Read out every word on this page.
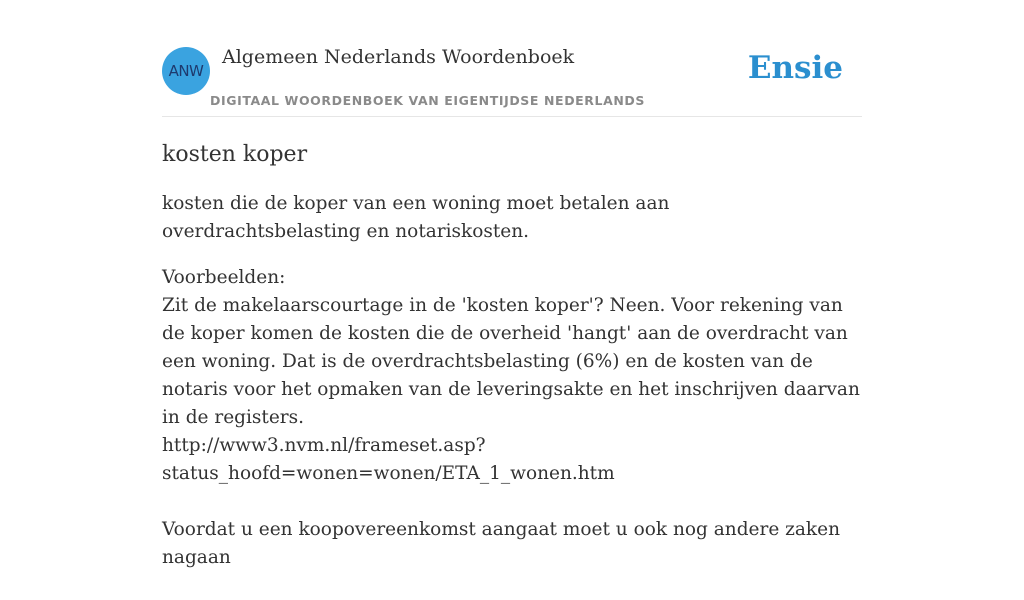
ANW
Algemeen Nederlands Woordenboek
DIGITAAL WOORDENBOEK VAN EIGENTIJDSE NEDERLANDS
Ensie
kosten koper

kosten die de koper van een woning moet betalen aan overdrachtsbelasting en notariskosten.

Voorbeelden:

Zit de makelaarscourtage in de 'kosten koper'? Neen. Voor rekening van de koper komen de kosten die de overheid 'hangt' aan de overdracht van een woning. Dat is de overdrachtsbelasting (6%) en de kosten van de notaris voor het opmaken van de leveringsakte en het inschrijven daarvan in de registers.

http://www3.nvm.nl/frameset.asp?

status_hoofd=wonen=wonen/ETA_1_wonen.htm

Voordat u een koopovereenkomst aangaat moet u ook nog andere zaken nagaan
